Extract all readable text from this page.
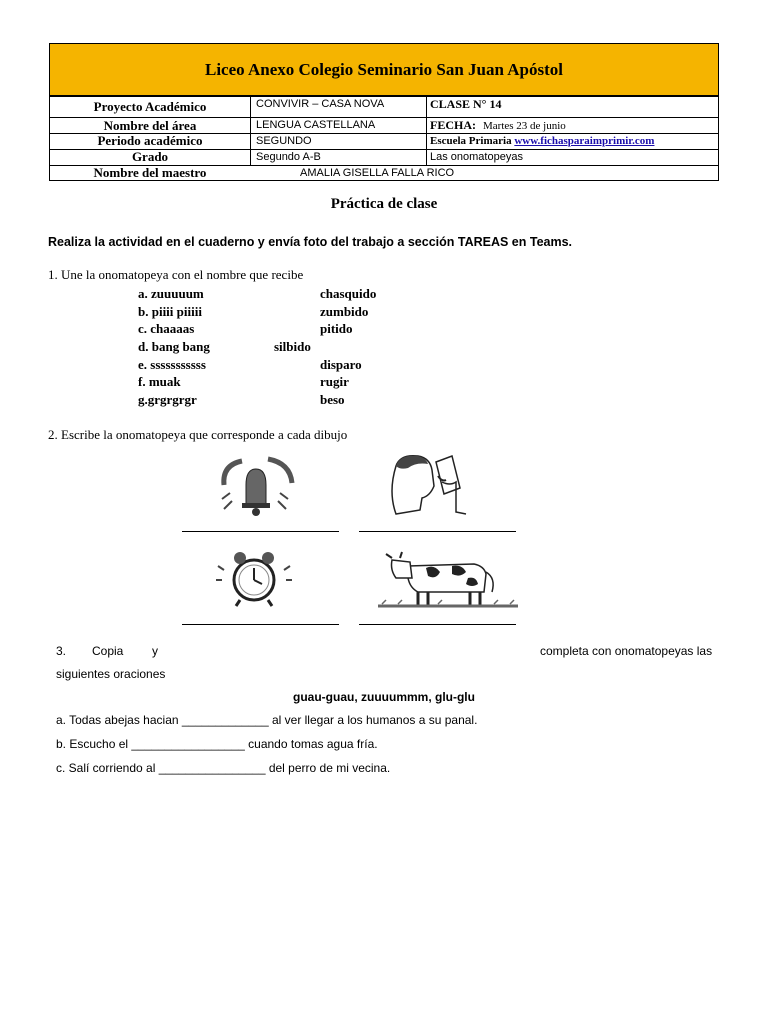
Liceo Anexo Colegio Seminario San Juan Apóstol
Proyecto Académico
Nombre del área
Periodo académico
Grado
Nombre del maestro
CONVIVIR – CASA NOVA
LENGUA CASTELLANA
SEGUNDO
Segundo A-B
AMALIA GISELLA FALLA RICO
CLASE N° 14
FECHA: Martes 23 de junio
Escuela Primaria www.fichasparaimprimir.com
Las onomatopeyas
Práctica de clase
Realiza la actividad en el cuaderno y envía foto del trabajo a sección TAREAS en Teams.
1. Une la onomatopeya con el nombre que recibe
a. zuuuuum
b. piiii piiiii
c. chaaaas
d. bang bang
e. sssssssssss
f. muak
g.grgrgrgr
chasquido
zumbido
pitido
silbido
disparo
rugir
beso
2. Escribe la onomatopeya que corresponde a cada dibujo
3. Copia y	completa con onomatopeyas las
siguientes oraciones
guau-guau, zuuuummm, glu-glu
a. Todas abejas hacian _____________ al ver llegar a los humanos a su panal.
b. Escucho el _________________ cuando tomas agua fría.
c. Salí corriendo al ________________ del perro de mi vecina.
